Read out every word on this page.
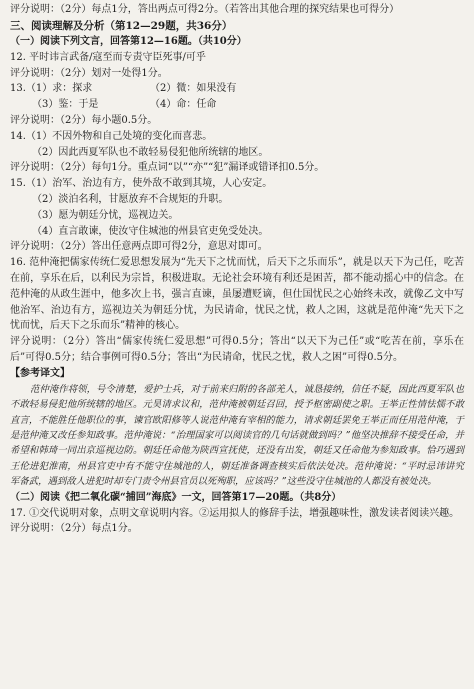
评分说明：（2分）每点1分，答出两点可得2分。（若答出其他合理的探究结果也可得分）
三、阅读理解及分析（第12—29题，共36分）
（一）阅读下列文言，回答第12—16题。（共10分）
12. 平时讳言武备/寇至而专责守臣死事/可乎
评分说明：（2分）划对一处得1分。
13.（1）求：探求	（2）微：如果没有
（3）鉴：于是	（4）命：任命
评分说明：（2分）每小题0.5分。
14.（1）不因外物和自己处境的变化而喜悲。
（2）因此西夏军队也不敢轻易侵犯他所统辖的地区。
评分说明：（2分）每句1分。重点词“以”“亦”“犯”漏译或错译扣0.5分。
15.（1）治军、治边有方，使外敌不敢到其境，人心安定。
（2）淡泊名利，甘愿放弃不合规矩的升职。
（3）愿为朝廷分忧，巡视边关。
（4）直言敢谏，使汝守住城池的州县官吏免受处决。
评分说明：（2分）答出任意两点即可得2分，意思对即可。
16. 范仲淹把儒家传统仁爱思想发展为“先天下之忧而忧，后天下之乐而乐”，就是以天下为己任，吃苦在前，享乐在后，以利民为宗旨，积极进取。无论社会环境有利还是困苦，都不能动摇心中的信念。在范仲淹的从政生涯中，他多次上书，强言直谏，虽屡遭贬谪，但仕国忧民之心始终未改，就像乙文中写他治军、治边有方，巡视边关为朝廷分忧，为民请命，忧民之忧，救人之困，这就是范仲淹“先天下之忧而忧，后天下之乐而乐”精神的核心。
评分说明：（2分）答出“儒家传统仁爱思想”可得0.5分；答出“以天下为己任”或“吃苦在前，享乐在后”可得0.5分；结合事例可得0.5分；答出“为民请命，忧民之忧，救人之困”可得0.5分。
【参考译文】

范仲淹作将领，号令清楚，爱护士兵，对于前来归附的各部羌人，诚恳接纳，信任不疑，因此西夏军队也不敢轻易侵犯他所统辖的地区。元昊请求议和，范仲淹被朝廷召回，授予枢密副使之职。王举正性情怯懦不敢直言，不能胜任他职位的事，谏官欧阳修等人说范仲淹有宰相的能力，请求朝廷罢免王举正而任用范仲淹，于是范仲淹又改任参知政事。范仲淹说：“治理国家可以阅读官的几句话就做到吗？”他坚决推辞不接受任命，并希望和韩琦一同出京巡视边防。朝廷任命他为陕西宣抚使，还没有出发，朝廷又任命他为参知政事。恰巧遇到王伦进犯淮南，州县官吏中有不能守住城池的人，朝廷准备调查核实后依法处决。范仲淹说：“平时忌讳讲究军备武，遇到敌人进犯时却专门责令州县官员以死殉职，应该吗？”这些没守住城池的人都没有被处决。

（二）阅读《把二氧化碳“捕回”海底》一文，回答第17—20题。（共8分）
17. ①交代说明对象，点明文章说明内容。②运用拟人的修辞手法，增强趣味性，激发读者阅读兴趣。
评分说明：（2分）每点1分。
